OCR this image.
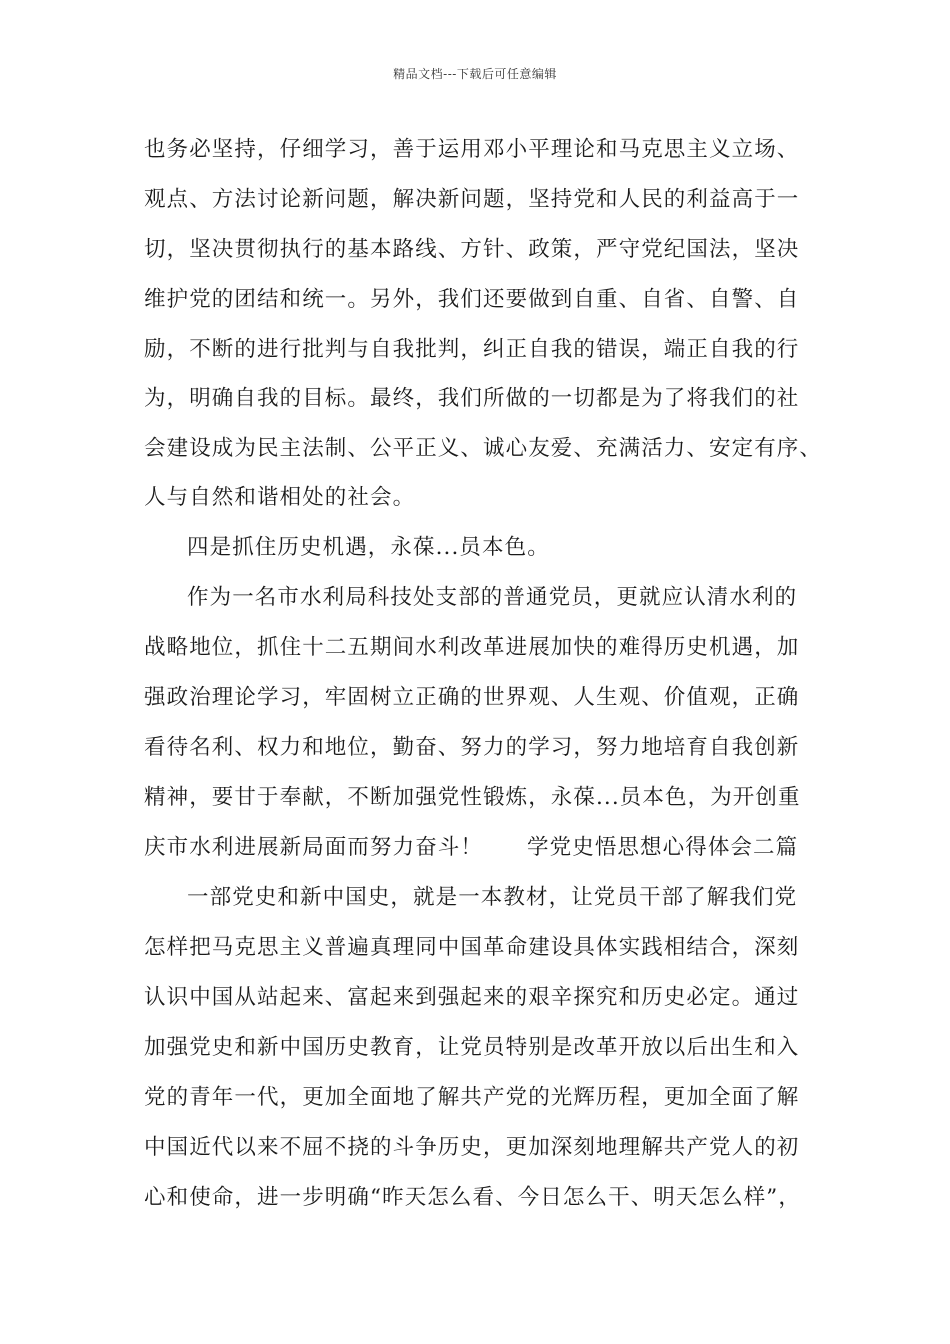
精品文档---下载后可任意编辑
也务必坚持，仔细学习，善于运用邓小平理论和马克思主义立场、
观点、方法讨论新问题，解决新问题，坚持党和人民的利益高于一
切，坚决贯彻执行的基本路线、方针、政策，严守党纪国法，坚决
维护党的团结和统一。另外，我们还要做到自重、自省、自警、自
励，不断的进行批判与自我批判，纠正自我的错误，端正自我的行
为，明确自我的目标。最终，我们所做的一切都是为了将我们的社
会建设成为民主法制、公平正义、诚心友爱、充满活力、安定有序、
人与自然和谐相处的社会。
四是抓住历史机遇，永葆...员本色。
作为一名市水利局科技处支部的普通党员，更就应认清水利的
战略地位，抓住十二五期间水利改革进展加快的难得历史机遇，加
强政治理论学习，牢固树立正确的世界观、人生观、价值观，正确
看待名利、权力和地位，勤奋、努力的学习，努力地培育自我创新
精神，要甘于奉献，不断加强党性锻炼，永葆...员本色，为开创重
庆市水利进展新局面而努力奋斗！ 学党史悟思想心得体会二篇
一部党史和新中国史，就是一本教材，让党员干部了解我们党
怎样把马克思主义普遍真理同中国革命建设具体实践相结合，深刻
认识中国从站起来、富起来到强起来的艰辛探究和历史必定。通过
加强党史和新中国历史教育，让党员特别是改革开放以后出生和入
党的青年一代，更加全面地了解共产党的光辉历程，更加全面了解
中国近代以来不屈不挠的斗争历史，更加深刻地理解共产党人的初
心和使命，进一步明确“昨天怎么看、今日怎么干、明天怎么样”，
